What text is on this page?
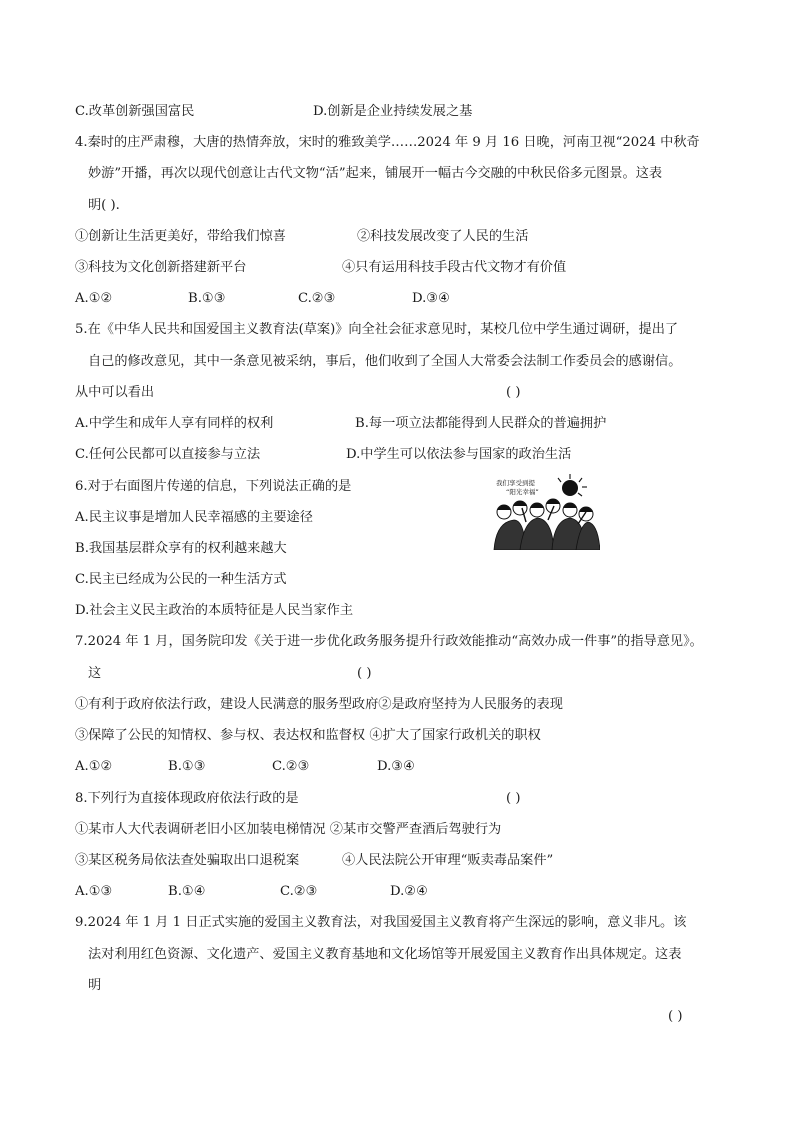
C.改革创新强国富民	D.创新是企业持续发展之基
4.秦时的庄严肃穆，大唐的热情奔放，宋时的雅致美学……2024 年 9 月 16 日晚，河南卫视“2024 中秋奇
妙游”开播，再次以现代创意让古代文物“活”起来，铺展开一幅古今交融的中秋民俗多元图景。这表
明( ).
①创新让生活更美好，带给我们惊喜	②科技发展改变了人民的生活
③科技为文化创新搭建新平台	④只有运用科技手段古代文物才有价值
A.①②	B.①③	C.②③	D.③④
5.在《中华人民共和国爱国主义教育法(草案)》向全社会征求意见时，某校几位中学生通过调研，提出了
自己的修改意见，其中一条意见被采纳，事后，他们收到了全国人大常委会法制工作委员会的感谢信。
从中可以看出	( )
A.中学生和成年人享有同样的权利	B.每一项立法都能得到人民群众的普遍拥护
C.任何公民都可以直接参与立法	D.中学生可以依法参与国家的政治生活
6.对于右面图片传递的信息，下列说法正确的是
A.民主议事是增加人民幸福感的主要途径
B.我国基层群众享有的权利越来越大
C.民主已经成为公民的一种生活方式
D.社会主义民主政治的本质特征是人民当家作主
我们享受到提
“阳光幸福”
7.2024 年 1 月，国务院印发《关于进一步优化政务服务提升行政效能推动“高效办成一件事”的指导意见》。
这	( )
①有利于政府依法行政，建设人民满意的服务型政府②是政府坚持为人民服务的表现
③保障了公民的知情权、参与权、表达权和监督权 ④扩大了国家行政机关的职权
A.①②	B.①③	C.②③	D.③④
8.下列行为直接体现政府依法行政的是	( )
①某市人大代表调研老旧小区加装电梯情况 ②某市交警严查酒后驾驶行为
③某区税务局依法查处骗取出口退税案	④人民法院公开审理“贩卖毒品案件”
A.①③	B.①④	C.②③	D.②④
9.2024 年 1 月 1 日正式实施的爱国主义教育法，对我国爱国主义教育将产生深远的影响，意义非凡。该
法对利用红色资源、文化遗产、爱国主义教育基地和文化场馆等开展爱国主义教育作出具体规定。这表
明
( )
